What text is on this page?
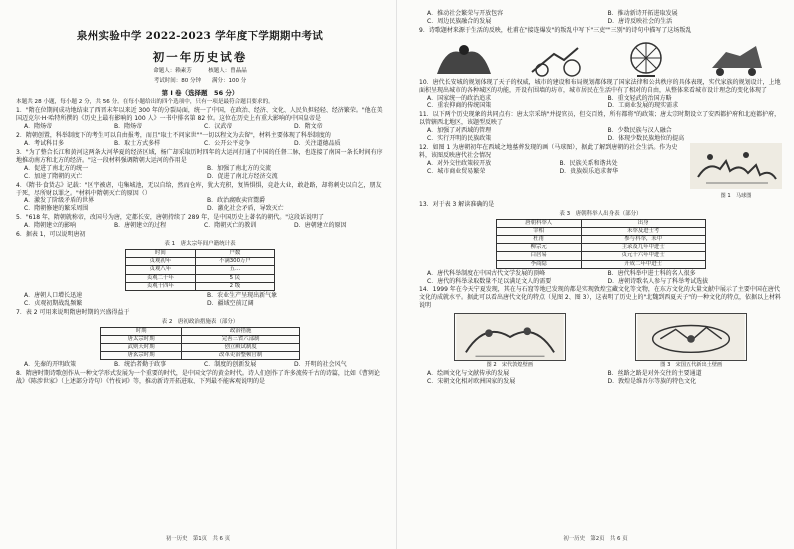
泉州实验中学 2022-2023 学年度下学期期中考试
初一年历史试卷
命题人：赖素芳　　　核题人：曾晶晶
考试时间：80 分钟　　满分：100 分
第 I 卷（选择题　56 分）
本题共 28 小题，每小题 2 分，共 56 分。在每小题给出的四个选项中，只有一项是最符合题目要求的。
1．"隋在位期间成功地结束了西晋末年以来近 300 年的分裂局面，统一了中国，在政治、经济、文化、人民负担轻轻、经济繁荣。"他在美国迈克尔·H·哈特所撰的《历史上最有影响的 100 人》一书中排名第 82 位。这位在历史上有重大影响的中国皇帝是
A．隋炀帝	B．隋炀帝	C．汉武帝	D．隋文帝
2．隋朝创置，科举制度下的考生可以自由报考，而且"取士不问家世""一切以程文为去留"，材料主要体现了科举制度的
A．考试科目多	B．取士方式多样	C．公开公平竞争	D．关注道德品质
3．"为了整合长江和黄河这两条大河华夏的经济区域，杨广却采取历时四年的大运河打通了中国的任督二脉，也连接了南国一条长时间有序地推动南方和北方的经济。"这一段材料强调隋朝大运河的作用是
A．促进了南北方的统一	B．加强了南北方的交流
C．加速了隋朝的灭亡	D．促进了南北方经济交流
4．《隋书·食货志》记载："区宇被虐，屯集城池，无以自给，然而仓库，犹大充积，复皆惧惧，竞赴大业，敢赴路，却将刺史以自乞，朋友于死，尽所财以罪之。"材料中隋朝灭亡的原因（）
A．激发了阶级矛盾的世界	B．政治腐败卖官鬻爵
C．隋朝修建的繁采周围	D．激化社会矛盾，导致灭亡
5．"618 年，隋朝就称帝，改国号为唐，定都长安，唐朝持续了 289 年，是中国历史上著名的朝代。"这段话说明了
A．隋朝建立的影响	B．唐朝建立的过程	C．隋朝灭亡的教训	D．唐朝建立的原因
6．据表 1，可以说明唐初
表 1　唐太宗年间户籍统计表
时间	户数
贞观初年	不满300万户
贞观八年	五...
贞观二十年	5 民
贞观十四年	2 级
A．唐朝人口增长迅速	B．农业生产呈现出新气象
C．贞观初期战乱频繁	D．疆域空前辽阔
7．表 2 可用来说明隋唐时期的兴盛得益于
表 2　唐初政治措施表（部分）
时期	政治措施
唐太宗时期	完善三省六部制
武则天时期	创立殿试制度
唐玄宗时期	改革吏治整顿官制
A．先秦的开明政策	B．统治者勤于政事	C．制度的创新发展	D．开明的社会风气
8．隋唐时期诗歌创作从一种文学形式发展为一个重要的时代，是中国文学的黄金时代。诗人们创作了许多流传千古的诗篇，比如《曹刿论战》《陈涉世家》（上述部分诗句）《竹枝词》等，推动新诗开拓进取、下列最不能客观说明的是
初一历史　第1页　共 6 页
A．推动社会繁荣与开放包容	B．推动新诗开拓进取发展
C．周边民族融合的发展	D．唐诗反映社会的生活
9．诗歌题材来源于生活的反映，杜甫在"接连爆发"的叛乱中写下"三吏""三别"的诗句中描写了这场叛乱
10．唐代长安城的规划体现了天子的权威，城市的建设和布局规划都体现了国家法律和公共秩序的具体表现，实代家族的规划设计，上地面积呈现出城市的各种城区的功能，开设有围墙的坊市，城市居民在生活中有了相对的自由，从整体来看城市设计理念的变化体现了
A．国家统一的政治追求	B．重文轻武的治国方略
C．重农抑商的传统国策	D．工商业发展的现实需求
11．以下两个历史现象的共同点有：唐太宗采纳"并提官员，但交百姓，所有都将"的政策；唐太宗时期设立了安西都护府和北庭都护府，以管辖西北地区，该题型反映了
A．加强了对西域的管理	B．少数民族与汉人融合
C．实行开明的民族政策	D．体现少数民族地位的提高
图 1　马球图
12．如图 1 为唐朝初年在西域之地墓葬发现的画（马球图），据此了解到唐朝的社会生活。作为史料，该图反映唐代社会情况
A．对外交往政策较开放	B．民族关系和谐共处
C．城市商业贸易繁荣	D．贵族娱乐追求奢华
13．对于表 3 解读准确的是
表 3　唐朝科举人出身表（部分）
唐朝科举人	出身
宰相	未举及进士考
杜甫	参与科举，未中
柳宗元	主录及九年中进士
白居易	贞元十六年中进士
李商隐	开成二年中进士
A．唐代科举制度在中国古代文学发展的顶峰	B．唐代科举中进士科的名人很多
C．唐代的科举录取数量不足以满足文人的需要	D．唐朝诗歌名人参与了科举考试选拔
14．1999 年在今天宁夏发现，其在与石窟等地已发现的都是实现敦煌宝藏文化等文物，在东方文化的大量文献中展示了主要中国在唐代文化的成就水平。据此可以看出唐代文化的特点（见图 2、图 3），这表明了历史上的"北魏到西夏天子"的一种文化的特点，依据以上材料说明
图 2　宋代敦煌壁画	图 3　宋国五代新出土壁画
A．绘画文化与文献传承的发展	B．丝路之路是对外交往的主要通道
C．宋朝文化相对欧洲国家的发展	D．敦煌是维吾尔等族的特色文化
初一历史　第2页　共 6 页
